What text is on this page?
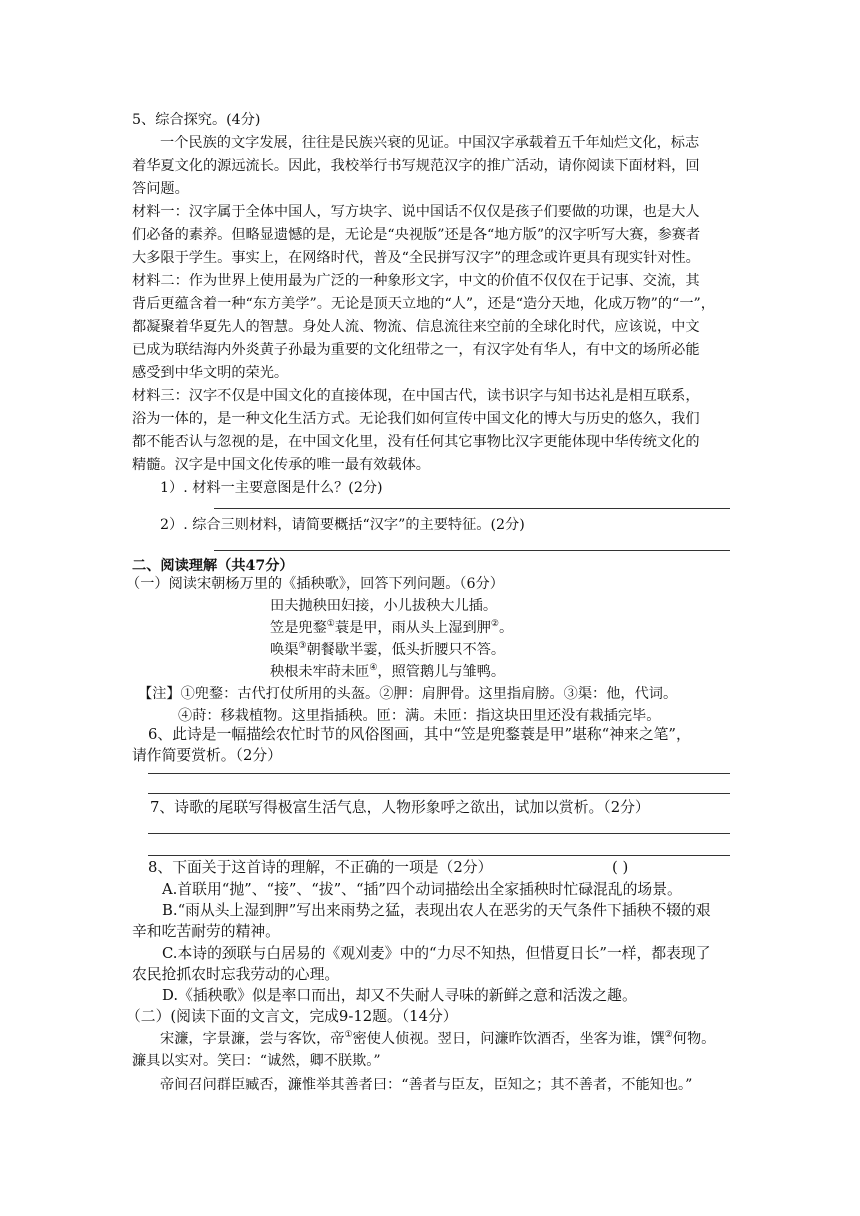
5、综合探究。(4分)
一个民族的文字发展，往往是民族兴衰的见证。中国汉字承载着五千年灿烂文化，标志
着华夏文化的源远流长。因此，我校举行书写规范汉字的推广活动，请你阅读下面材料，回
答问题。
材料一：汉字属于全体中国人，写方块字、说中国话不仅仅是孩子们要做的功课，也是大人
们必备的素养。但略显遗憾的是，无论是“央视版”还是各“地方版”的汉字听写大赛，参赛者
大多限于学生。事实上，在网络时代，普及“全民拼写汉字”的理念或许更具有现实针对性。
材料二：作为世界上使用最为广泛的一种象形文字，中文的价值不仅仅在于记事、交流，其
背后更蕴含着一种“东方美学”。无论是顶天立地的“人”，还是“造分天地，化成万物”的“一”，
都凝聚着华夏先人的智慧。身处人流、物流、信息流往来空前的全球化时代，应该说，中文
已成为联结海内外炎黄子孙最为重要的文化纽带之一，有汉字处有华人，有中文的场所必能
感受到中华文明的荣光。
材料三：汉字不仅是中国文化的直接体现，在中国古代，读书识字与知书达礼是相互联系，
浴为一体的，是一种文化生活方式。无论我们如何宣传中国文化的博大与历史的悠久，我们
都不能否认与忽视的是，在中国文化里，没有任何其它事物比汉字更能体现中华传统文化的
精髓。汉字是中国文化传承的唯一最有效载体。
1）. 材料一主要意图是什么？(2分)
2）. 综合三则材料，请简要概括“汉字”的主要特征。(2分)
二、阅读理解（共47分）
（一）阅读宋朝杨万里的《插秧歌》，回答下列问题。（6分）
田夫抛秧田妇接，小儿拔秧大儿插。
笠是兜鍪①蓑是甲，雨从头上湿到胛②。
唤渠③朝餐歇半霎，低头折腰只不答。
秧根未牢莳未匝④，照管鹅儿与雏鸭。
【注】①兜鍪：古代打仗所用的头盔。②胛：肩胛骨。这里指肩膀。③渠：他，代词。
④莳：移栽植物。这里指插秧。匝：满。未匝：指这块田里还没有栽插完毕。
6、此诗是一幅描绘农忙时节的风俗图画，其中“笠是兜鍪蓑是甲”堪称“神来之笔”，
请作简要赏析。（2分）
7、诗歌的尾联写得极富生活气息，人物形象呼之欲出，试加以赏析。（2分）
8、下面关于这首诗的理解，不正确的一项是（2分）	( )
A.首联用“抛”、“接”、“拔”、“插”四个动词描绘出全家插秧时忙碌混乱的场景。
B.“雨从头上湿到胛”写出来雨势之猛，表现出农人在恶劣的天气条件下插秧不辍的艰
辛和吃苦耐劳的精神。
C.本诗的颈联与白居易的《观刈麦》中的“力尽不知热，但惜夏日长”一样，都表现了
农民抢抓农时忘我劳动的心理。
D.《插秧歌》似是率口而出，却又不失耐人寻味的新鲜之意和活泼之趣。
（二）(阅读下面的文言文，完成9-12题。（14分）
宋濂，字景濂，尝与客饮，帝①密使人侦视。翌日，问濂昨饮酒否，坐客为谁，馔②何物。
濂具以实对。笑曰：“诚然，卿不朕欺。”
帝间召问群臣臧否，濂惟举其善者曰：“善者与臣友，臣知之；其不善者，不能知也。”
